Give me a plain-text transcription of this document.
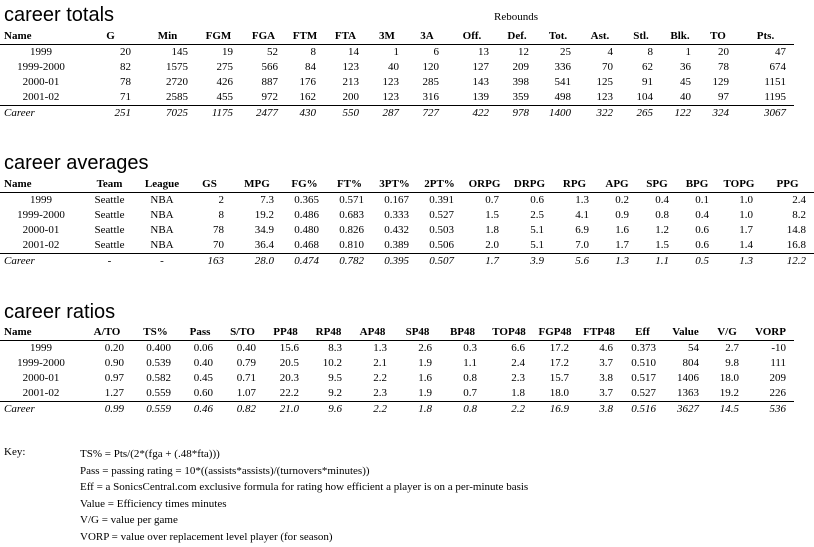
career totals	Rebounds
Name	G	Min	FGM	FGA	FTM	FTA	3M	3A	Off.	Def.	Tot.	Ast.	Stl.	Blk.	TO	Pts.
1999	20	145	19	52	8	14	1	6	13	12	25	4	8	1	20	47
1999-2000	82	1575	275	566	84	123	40	120	127	209	336	70	62	36	78	674
2000-01	78	2720	426	887	176	213	123	285	143	398	541	125	91	45	129	1151
2001-02	71	2585	455	972	162	200	123	316	139	359	498	123	104	40	97	1195
Career	251	7025	1175	2477	430	550	287	727	422	978	1400	322	265	122	324	3067
career averages
Name	Team	League	GS	MPG	FG%	FT%	3PT%	2PT%	ORPG	DRPG	RPG	APG	SPG	BPG	TOPG	PPG
1999	Seattle	NBA	2	7.3	0.365	0.571	0.167	0.391	0.7	0.6	1.3	0.2	0.4	0.1	1.0	2.4
1999-2000	Seattle	NBA	8	19.2	0.486	0.683	0.333	0.527	1.5	2.5	4.1	0.9	0.8	0.4	1.0	8.2
2000-01	Seattle	NBA	78	34.9	0.480	0.826	0.432	0.503	1.8	5.1	6.9	1.6	1.2	0.6	1.7	14.8
2001-02	Seattle	NBA	70	36.4	0.468	0.810	0.389	0.506	2.0	5.1	7.0	1.7	1.5	0.6	1.4	16.8
Career	-	-	163	28.0	0.474	0.782	0.395	0.507	1.7	3.9	5.6	1.3	1.1	0.5	1.3	12.2
career ratios
Name	A/TO	TS%	Pass	S/TO	PP48	RP48	AP48	SP48	BP48	TOP48	FGP48	FTP48	Eff	Value	V/G	VORP
1999	0.20	0.400	0.06	0.40	15.6	8.3	1.3	2.6	0.3	6.6	17.2	4.6	0.373	54	2.7	-10
1999-2000	0.90	0.539	0.40	0.79	20.5	10.2	2.1	1.9	1.1	2.4	17.2	3.7	0.510	804	9.8	111
2000-01	0.97	0.582	0.45	0.71	20.3	9.5	2.2	1.6	0.8	2.3	15.7	3.8	0.517	1406	18.0	209
2001-02	1.27	0.559	0.60	1.07	22.2	9.2	2.3	1.9	0.7	1.8	18.0	3.7	0.527	1363	19.2	226
Career	0.99	0.559	0.46	0.82	21.0	9.6	2.2	1.8	0.8	2.2	16.9	3.8	0.516	3627	14.5	536
Key:	TS% = Pts/(2*(fga + (.48*fta)))
Pass = passing rating = 10*((assists*assists)/(turnovers*minutes))
Eff = a SonicsCentral.com exclusive formula for rating how efficient a player is on a per-minute basis
Value = Efficiency times minutes
V/G = value per game
VORP = value over replacement level player (for season)
